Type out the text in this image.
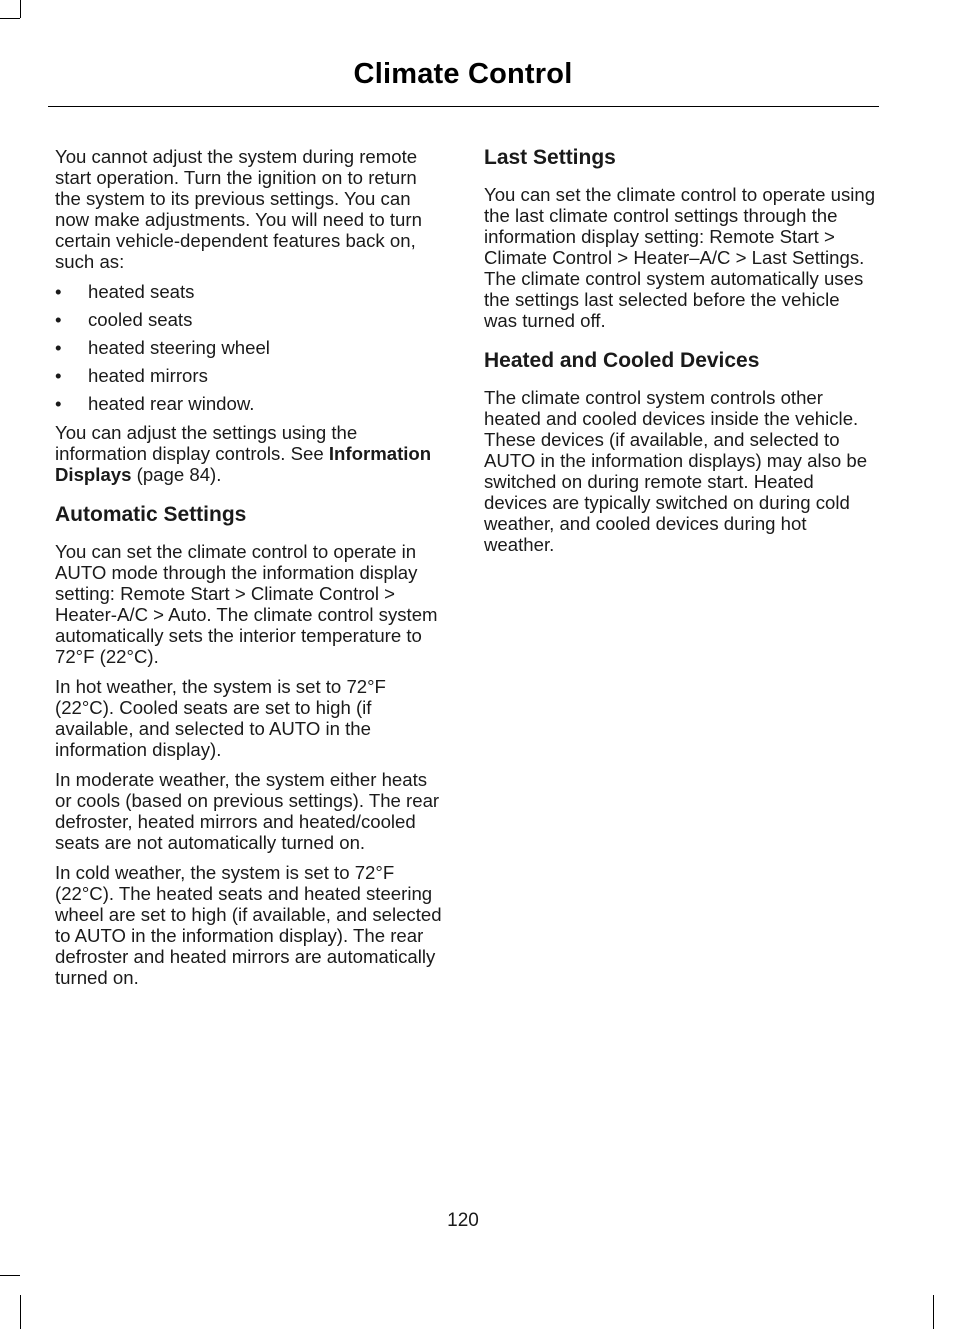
Climate Control

You cannot adjust the system during remote start operation. Turn the ignition on to return the system to its previous settings. You can now make adjustments. You will need to turn certain vehicle-dependent features back on, such as:

• heated seats
• cooled seats
• heated steering wheel
• heated mirrors
• heated rear window.

You can adjust the settings using the information display controls. See Information Displays (page 84).

Automatic Settings

You can set the climate control to operate in AUTO mode through the information display setting: Remote Start > Climate Control > Heater-A/C > Auto. The climate control system automatically sets the interior temperature to 72°F (22°C).

In hot weather, the system is set to 72°F (22°C). Cooled seats are set to high (if available, and selected to AUTO in the information display).

In moderate weather, the system either heats or cools (based on previous settings). The rear defroster, heated mirrors and heated/cooled seats are not automatically turned on.

In cold weather, the system is set to 72°F (22°C). The heated seats and heated steering wheel are set to high (if available, and selected to AUTO in the information display). The rear defroster and heated mirrors are automatically turned on.

Last Settings

You can set the climate control to operate using the last climate control settings through the information display setting: Remote Start > Climate Control > Heater–A/C > Last Settings. The climate control system automatically uses the settings last selected before the vehicle was turned off.

Heated and Cooled Devices

The climate control system controls other heated and cooled devices inside the vehicle. These devices (if available, and selected to AUTO in the information displays) may also be switched on during remote start. Heated devices are typically switched on during cold weather, and cooled devices during hot weather.

120
